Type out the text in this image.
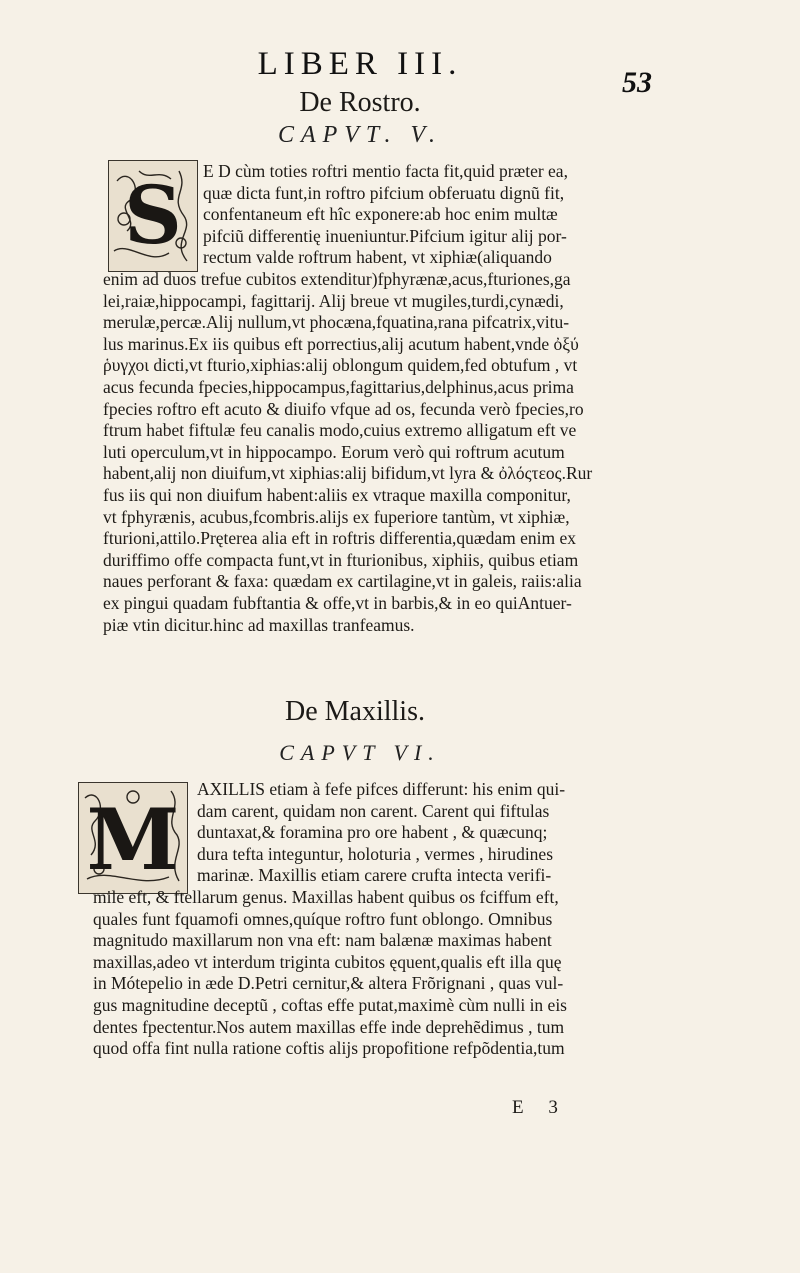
LIBER III.
53
De Rostro.
CAPVT. V.
S E D cùm toties roftri mentio facta fit,quid præter ea,
quæ dicta funt,in roftro pifcium obferuatu dignũ fit,
confentaneum eft hîc exponere:ab hoc enim multæ
pifciũ differentię inueniuntur.Pifcium igitur alij por-
rectum valde roftrum habent, vt xiphiæ(aliquando
enim ad duos trefue cubitos extenditur)fphyrænæ,acus,fturiones,ga
lei,raiæ,hippocampi, fagittarij. Alij breue vt mugiles,turdi,cynædi,
merulæ,percæ.Alij nullum,vt phocæna,fquatina,rana pifcatrix,vitu-
lus marinus.Ex iis quibus eft porrectius,alij acutum habent,vnde ὀξύ
ῥυγχοι dicti,vt fturio,xiphias:alij oblongum quidem,fed obtufum , vt
acus fecunda fpecies,hippocampus,fagittarius,delphinus,acus prima
fpecies roftro eft acuto & diuifo vfque ad os, fecunda verò fpecies,ro
ftrum habet fiftulæ feu canalis modo,cuius extremo alligatum eft ve
luti operculum,vt in hippocampo. Eorum verò qui roftrum acutum
habent,alij non diuifum,vt xiphias:alij bifidum,vt lyra & ὀλόςτεος.Rur
fus iis qui non diuifum habent:aliis ex vtraque maxilla componitur,
vt fphyrænis, acubus,fcombris.alijs ex fuperiore tantùm, vt xiphiæ,
fturioni,attilo.Pręterea alia eft in roftris differentia,quædam enim ex
duriffimo offe compacta funt,vt in fturionibus, xiphiis, quibus etiam
naues perforant & faxa: quædam ex cartilagine,vt in galeis, raiis:alia
ex pingui quadam fubftantia & offe,vt in barbis,& in eo quiAntuer-
piæ vtin dicitur.hinc ad maxillas tranfeamus.
De Maxillis.
CAPVT VI.
M
AXILLIS etiam à fefe pifces differunt: his enim qui-
dam carent, quidam non carent. Carent qui fiftulas
duntaxat,& foramina pro ore habent , & quæcunq;
dura tefta integuntur, holoturia , vermes , hirudines
marinæ. Maxillis etiam carere crufta intecta verifi-
mile eft, & ftellarum genus. Maxillas habent quibus os fciffum eft,
quales funt fquamofi omnes,quíque roftro funt oblongo. Omnibus
magnitudo maxillarum non vna eft: nam balænæ maximas habent
maxillas,adeo vt interdum triginta cubitos ęquent,qualis eft illa quę
in Mótepelio in æde D.Petri cernitur,& altera Frõrignani , quas vul-
gus magnitudine deceptũ , coftas effe putat,maximè cùm nulli in eis
dentes fpectentur.Nos autem maxillas effe inde deprehẽdimus , tum
quod offa fint nulla ratione coftis alijs propofitione refpõdentia,tum
E 3
